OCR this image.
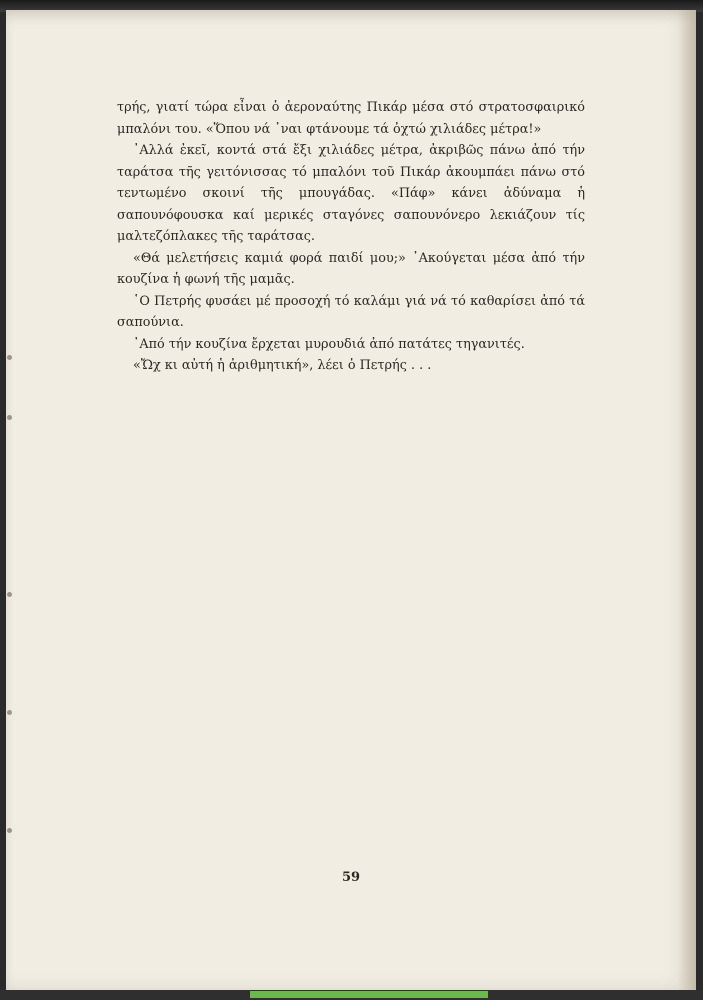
τρής, γιατί τώρα εἶναι ὁ ἀεροναύτης Πικάρ μέσα στό στρατοσφαιρικό μπαλόνι του. «Ὅπου νά ᾽ναι φτάνουμε τά ὀχτώ χιλιάδες μέτρα!»

᾽Αλλά ἐκεῖ, κοντά στά ἔξι χιλιάδες μέτρα, ἀκριβῶς πάνω ἀπό τήν ταράτσα τῆς γειτόνισσας τό μπαλόνι τοῦ Πικάρ ἀκουμπάει πάνω στό τεντωμένο σκοινί τῆς μπουγάδας. «Πάφ» κάνει ἀδύναμα ἡ σαπουνόφουσκα καί μερικές σταγόνες σαπουνόνερο λεκιάζουν τίς μαλτεζόπλακες τῆς ταράτσας.

«Θά μελετήσεις καμιά φορά παιδί μου;» ᾽Ακούγεται μέσα ἀπό τήν κουζίνα ἡ φωνή τῆς μαμᾶς.

῾Ο Πετρής φυσάει μέ προσοχή τό καλάμι γιά νά τό καθαρίσει ἀπό τά σαπούνια.

᾽Από τήν κουζίνα ἔρχεται μυρουδιά ἀπό πατάτες τηγανιτές.

«Ὤχ κι αὐτή ἡ ἀριθμητική», λέει ὁ Πετρής . . .

59
